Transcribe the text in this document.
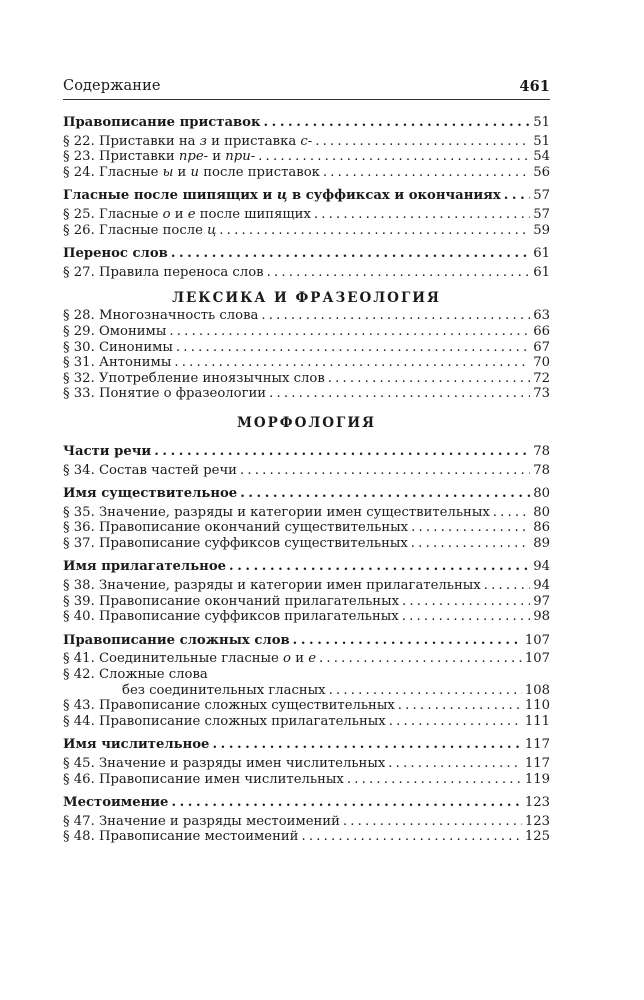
Содержание	461
Правописание приставок . . .	51
§ 22. Приставки на з и приставка с- . . .	51
§ 23. Приставки пре- и при- . . .	54
§ 24. Гласные ы и и после приставок . . .	56
Гласные после шипящих и ц в суффиксах и окончаниях . . . 57
§ 25. Гласные о и е после шипящих . . .	57
§ 26. Гласные после ц . . .	59
Перенос слов . . .	61
§ 27. Правила переноса слов . . .	61
ЛЕКСИКА И ФРАЗЕОЛОГИЯ
§ 28. Многозначность слова . . .	63
§ 29. Омонимы . . .	66
§ 30. Синонимы . . .	67
§ 31. Антонимы . . .	70
§ 32. Употребление иноязычных слов . . .	72
§ 33. Понятие о фразеологии . . .	73
МОРФОЛОГИЯ
Части речи . . .	78
§ 34. Состав частей речи . . .	78
Имя существительное . . .	80
§ 35. Значение, разряды и категории имен существительных . . .	80
§ 36. Правописание окончаний существительных . . .	86
§ 37. Правописание суффиксов существительных . . .	89
Имя прилагательное . . .	94
§ 38. Значение, разряды и категории имен прилагательных . . .	94
§ 39. Правописание окончаний прилагательных . . .	97
§ 40. Правописание суффиксов прилагательных . . .	98
Правописание сложных слов . . .	107
§ 41. Соединительные гласные о и е . . .	107
§ 42. Сложные слова
без соединительных гласных . . .	108
§ 43. Правописание сложных существительных . . .	110
§ 44. Правописание сложных прилагательных . . .	111
Имя числительное . . .	117
§ 45. Значение и разряды имен числительных . . .	117
§ 46. Правописание имен числительных . . .	119
Местоимение . . .	123
§ 47. Значение и разряды местоимений . . .	123
§ 48. Правописание местоимений . . .	125
